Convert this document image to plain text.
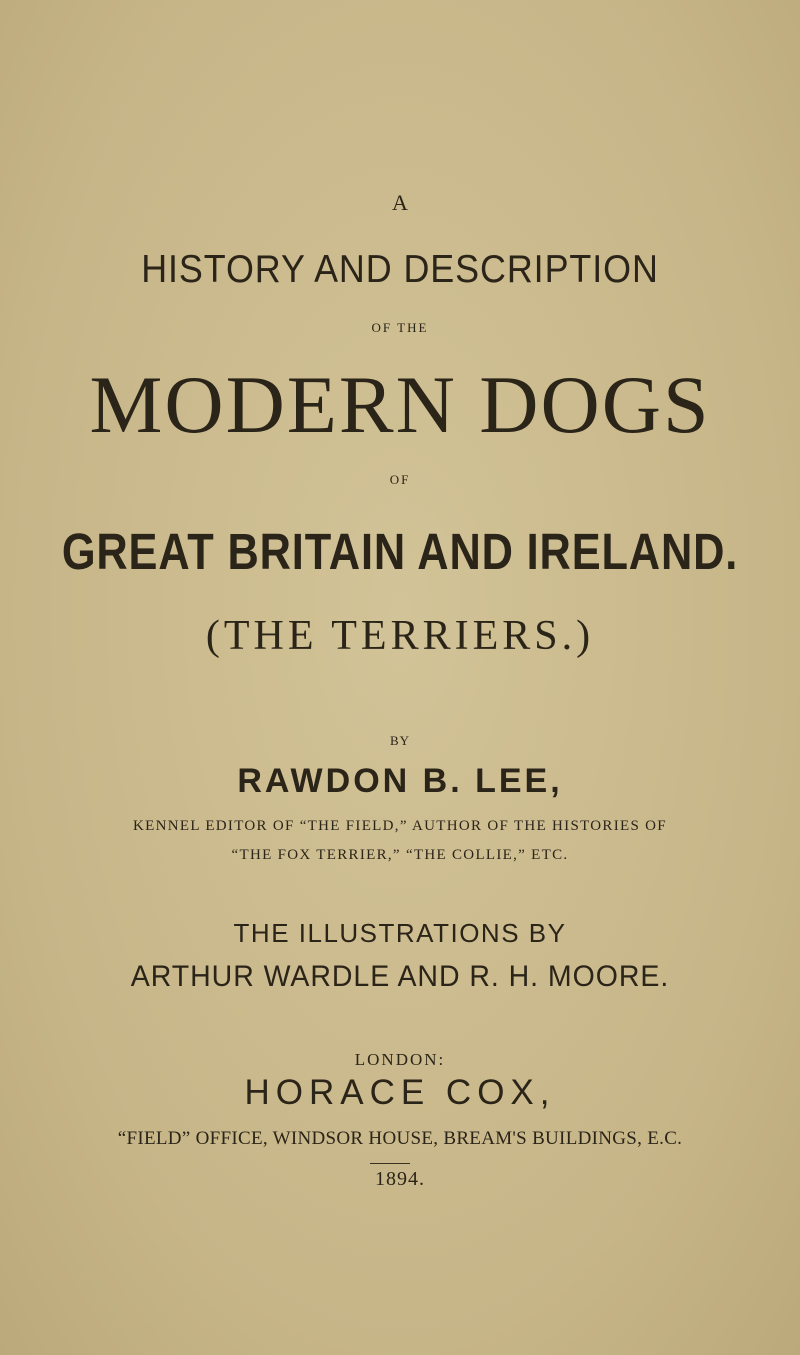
A
HISTORY AND DESCRIPTION
OF THE
MODERN DOGS
OF
GREAT BRITAIN AND IRELAND.
(THE TERRIERS.)
BY
RAWDON B. LEE,
KENNEL EDITOR OF “THE FIELD,” AUTHOR OF THE HISTORIES OF
“THE FOX TERRIER,” “THE COLLIE,” ETC.
THE ILLUSTRATIONS BY
ARTHUR WARDLE AND R. H. MOORE.
LONDON:
HORACE COX,
“FIELD” OFFICE, WINDSOR HOUSE, BREAM'S BUILDINGS, E.C.
1894.
